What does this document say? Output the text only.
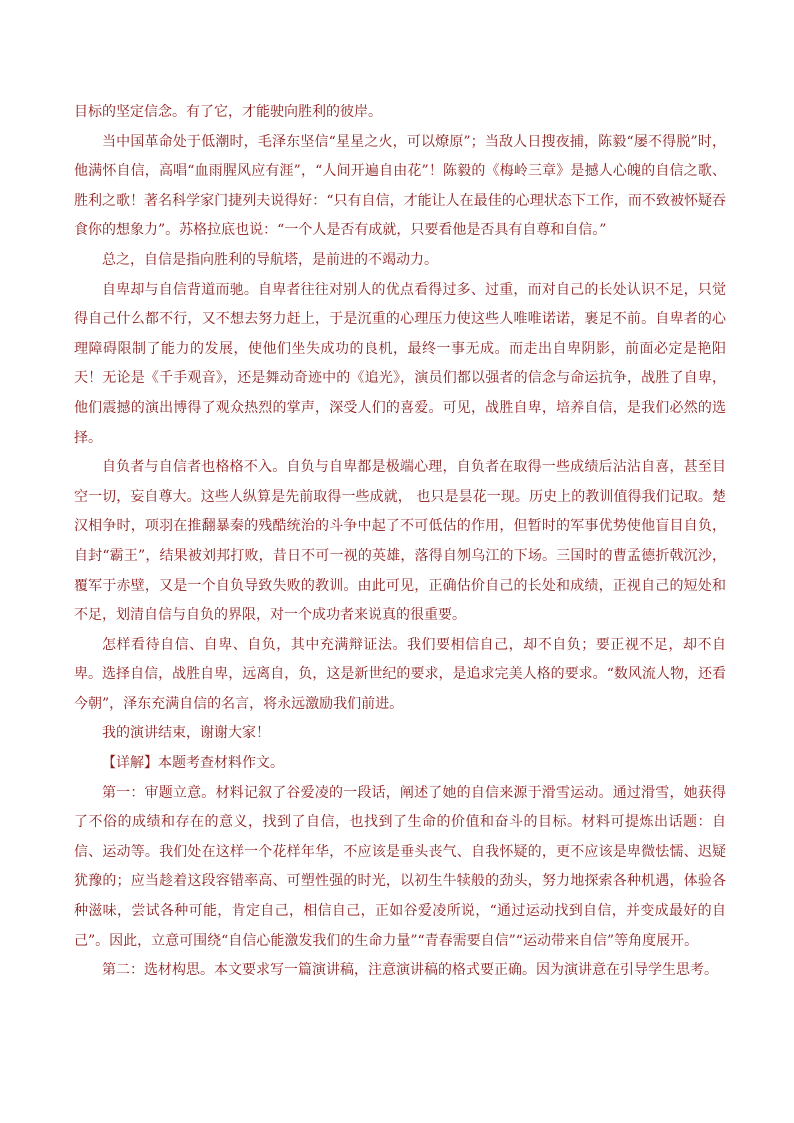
目标的坚定信念。有了它，才能驶向胜利的彼岸。

当中国革命处于低潮时，毛泽东坚信“星星之火，可以燎原”；当敌人日搜夜捕，陈毅“屡不得脱”时，他满怀自信，高唱“血雨腥风应有涯”，“人间开遍自由花”！陈毅的《梅岭三章》是撼人心魄的自信之歌、胜利之歌！著名科学家门捷列夫说得好：“只有自信，才能让人在最佳的心理状态下工作，而不致被怀疑吞食你的想象力”。苏格拉底也说：“一个人是否有成就，只要看他是否具有自尊和自信。”

总之，自信是指向胜利的导航塔，是前进的不竭动力。

自卑却与自信背道而驰。自卑者往往对别人的优点看得过多、过重，而对自己的长处认识不足，只觉得自己什么都不行，又不想去努力赶上，于是沉重的心理压力使这些人唯唯诺诺，裹足不前。自卑者的心理障碍限制了能力的发展，使他们坐失成功的良机，最终一事无成。而走出自卑阴影，前面必定是艳阳天！无论是《千手观音》，还是舞动奇迹中的《追光》，演员们都以强者的信念与命运抗争，战胜了自卑，他们震撼的演出博得了观众热烈的掌声，深受人们的喜爱。可见，战胜自卑，培养自信，是我们必然的选择。

自负者与自信者也格格不入。自负与自卑都是极端心理，自负者在取得一些成绩后沾沾自喜，甚至目空一切，妄自尊大。这些人纵算是先前取得一些成就， 也只是昙花一现。历史上的教训值得我们记取。楚汉相争时，项羽在推翻暴秦的残酷统治的斗争中起了不可低估的作用，但暂时的军事优势使他盲目自负，自封“霸王”，结果被刘邦打败，昔日不可一视的英雄，落得自刎乌江的下场。三国时的曹孟德折戟沉沙，覆军于赤壁，又是一个自负导致失败的教训。由此可见，正确估价自己的长处和成绩，正视自己的短处和不足，划清自信与自负的界限，对一个成功者来说真的很重要。

怎样看待自信、自卑、自负，其中充满辩证法。我们要相信自己，却不自负；要正视不足，却不自卑。选择自信，战胜自卑，远离自，负，这是新世纪的要求，是追求完美人格的要求。“数风流人物，还看今朝”，泽东充满自信的名言，将永远激励我们前进。

我的演讲结束，谢谢大家！

【详解】本题考查材料作文。

第一：审题立意。材料记叙了谷爱凌的一段话，阐述了她的自信来源于滑雪运动。通过滑雪，她获得了不俗的成绩和存在的意义，找到了自信，也找到了生命的价值和奋斗的目标。材料可提炼出话题：自信、运动等。我们处在这样一个花样年华，不应该是垂头丧气、自我怀疑的，更不应该是卑微怯懦、迟疑犹豫的；应当趁着这段容错率高、可塑性强的时光，以初生牛犊般的劲头，努力地探索各种机遇，体验各种滋味，尝试各种可能，肯定自己，相信自己，正如谷爱凌所说，“通过运动找到自信，并变成最好的自己”。因此，立意可围绕“自信心能激发我们的生命力量”“青春需要自信”“运动带来自信”等角度展开。

第二：选材构思。本文要求写一篇演讲稿，注意演讲稿的格式要正确。因为演讲意在引导学生思考。
